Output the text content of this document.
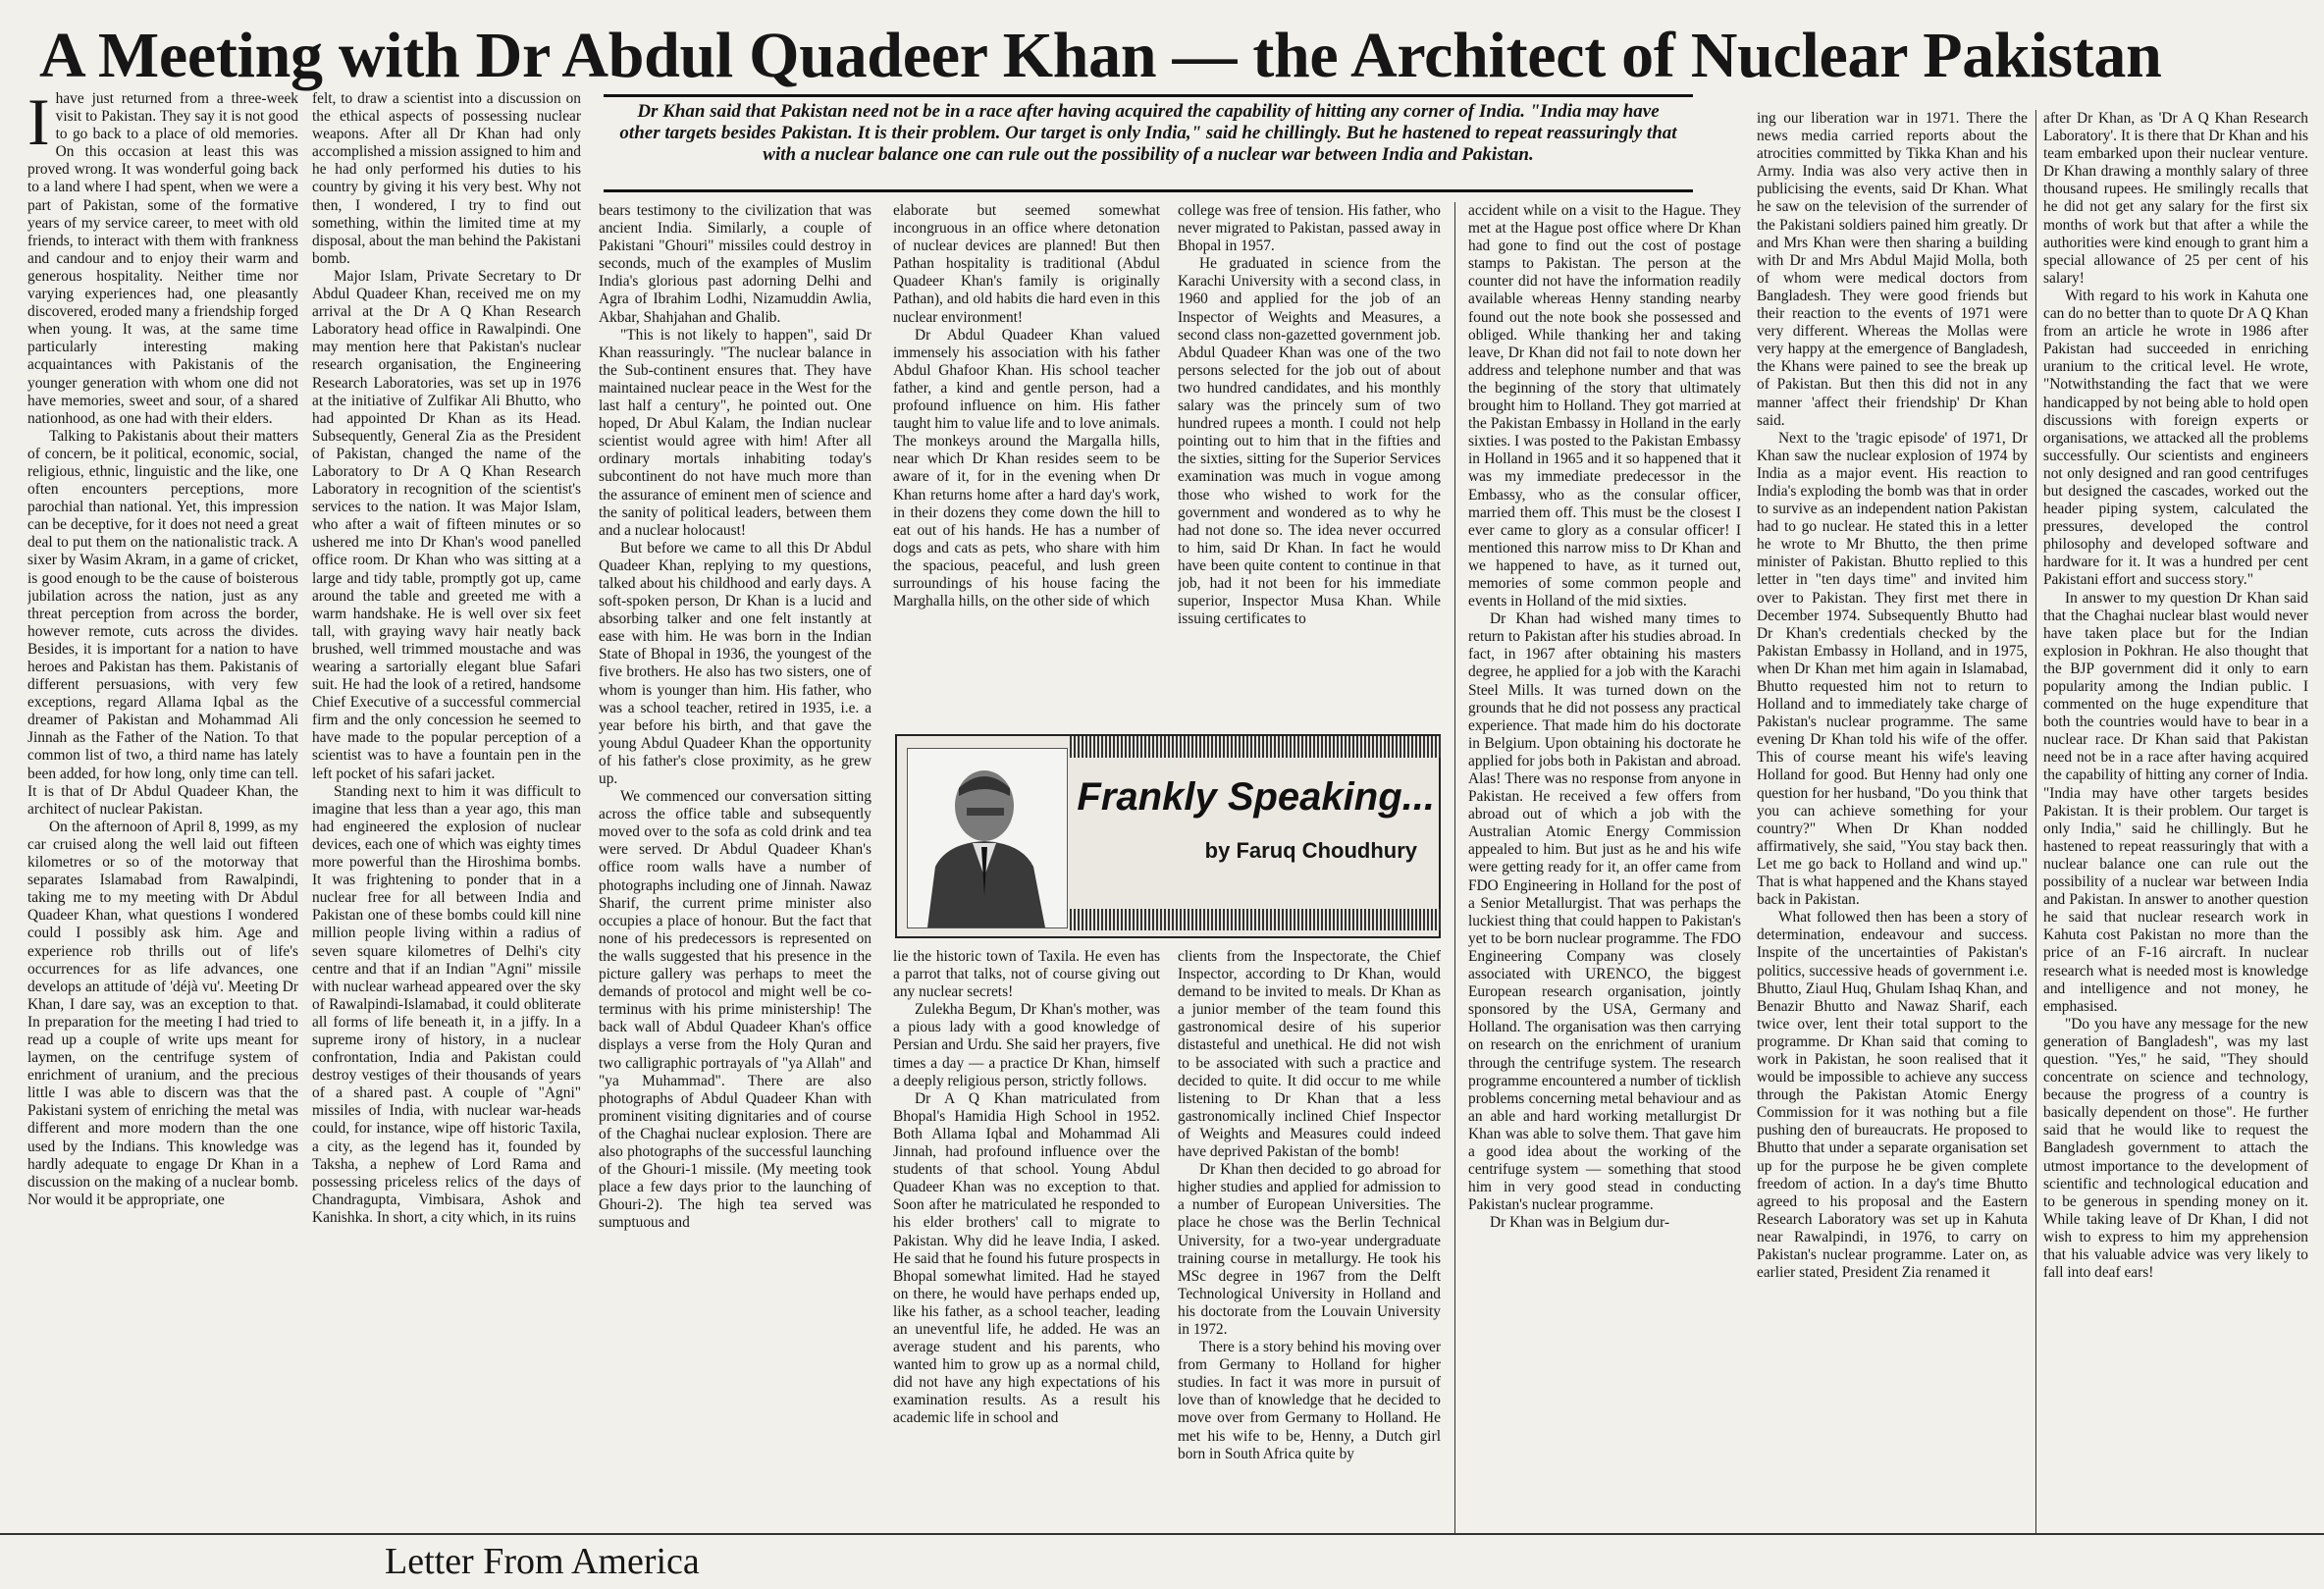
A Meeting with Dr Abdul Quadeer Khan — the Architect of Nuclear Pakistan
Dr Khan said that Pakistan need not be in a race after having acquired the capability of hitting any corner of India. "India may have other targets besides Pakistan. It is their problem. Our target is only India," said he chillingly. But he hastened to repeat reassuringly that with a nuclear balance one can rule out the possibility of a nuclear war between India and Pakistan.

Ihave just returned from a three-week visit to Pakistan. They say it is not good to go back to a place of old memories. On this occasion at least this was proved wrong. It was wonderful going back to a land where I had spent, when we were a part of Pakistan, some of the formative years of my service career, to meet with old friends, to interact with them with frankness and candour and to enjoy their warm and generous hospitality. Neither time nor varying experiences had, one pleasantly discovered, eroded many a friendship forged when young. It was, at the same time particularly interesting making acquaintances with Pakistanis of the younger generation with whom one did not have memories, sweet and sour, of a shared nationhood, as one had with their elders.

Talking to Pakistanis about their matters of concern, be it political, economic, social, religious, ethnic, linguistic and the like, one often encounters perceptions, more parochial than national. Yet, this impression can be deceptive, for it does not need a great deal to put them on the nationalistic track. A sixer by Wasim Akram, in a game of cricket, is good enough to be the cause of boisterous jubilation across the nation, just as any threat perception from across the border, however remote, cuts across the divides. Besides, it is important for a nation to have heroes and Pakistan has them. Pakistanis of different persuasions, with very few exceptions, regard Allama Iqbal as the dreamer of Pakistan and Mohammad Ali Jinnah as the Father of the Nation. To that common list of two, a third name has lately been added, for how long, only time can tell. It is that of Dr Abdul Quadeer Khan, the architect of nuclear Pakistan.

On the afternoon of April 8, 1999, as my car cruised along the well laid out fifteen kilometres or so of the motorway that separates Islamabad from Rawalpindi, taking me to my meeting with Dr Abdul Quadeer Khan, what questions I wondered could I possibly ask him. Age and experience rob thrills out of life's occurrences for as life advances, one develops an attitude of 'déjà vu'. Meeting Dr Khan, I dare say, was an exception to that. In preparation for the meeting I had tried to read up a couple of write ups meant for laymen, on the centrifuge system of enrichment of uranium, and the precious little I was able to discern was that the Pakistani system of enriching the metal was different and more modern than the one used by the Indians. This knowledge was hardly adequate to engage Dr Khan in a discussion on the making of a nuclear bomb. Nor would it be appropriate, one

felt, to draw a scientist into a discussion on the ethical aspects of possessing nuclear weapons. After all Dr Khan had only accomplished a mission assigned to him and he had only performed his duties to his country by giving it his very best. Why not then, I wondered, I try to find out something, within the limited time at my disposal, about the man behind the Pakistani bomb.

Major Islam, Private Secretary to Dr Abdul Quadeer Khan, received me on my arrival at the Dr A Q Khan Research Laboratory head office in Rawalpindi. One may mention here that Pakistan's nuclear research organisation, the Engineering Research Laboratories, was set up in 1976 at the initiative of Zulfikar Ali Bhutto, who had appointed Dr Khan as its Head. Subsequently, General Zia as the President of Pakistan, changed the name of the Laboratory to Dr A Q Khan Research Laboratory in recognition of the scientist's services to the nation. It was Major Islam, who after a wait of fifteen minutes or so ushered me into Dr Khan's wood panelled office room. Dr Khan who was sitting at a large and tidy table, promptly got up, came around the table and greeted me with a warm handshake. He is well over six feet tall, with graying wavy hair neatly back brushed, well trimmed moustache and was wearing a sartorially elegant blue Safari suit. He had the look of a retired, handsome Chief Executive of a successful commercial firm and the only concession he seemed to have made to the popular perception of a scientist was to have a fountain pen in the left pocket of his safari jacket.

Standing next to him it was difficult to imagine that less than a year ago, this man had engineered the explosion of nuclear devices, each one of which was eighty times more powerful than the Hiroshima bombs. It was frightening to ponder that in a nuclear free for all between India and Pakistan one of these bombs could kill nine million people living within a radius of seven square kilometres of Delhi's city centre and that if an Indian "Agni" missile with nuclear warhead appeared over the sky of Rawalpindi-Islamabad, it could obliterate all forms of life beneath it, in a jiffy. In a supreme irony of history, in a nuclear confrontation, India and Pakistan could destroy vestiges of their thousands of years of a shared past. A couple of "Agni" missiles of India, with nuclear war-heads could, for instance, wipe off historic Taxila, a city, as the legend has it, founded by Taksha, a nephew of Lord Rama and possessing priceless relics of the days of Chandragupta, Vimbisara, Ashok and Kanishka. In short, a city which, in its ruins

bears testimony to the civilization that was ancient India. Similarly, a couple of Pakistani "Ghouri" missiles could destroy in seconds, much of the examples of Muslim India's glorious past adorning Delhi and Agra of Ibrahim Lodhi, Nizamuddin Awlia, Akbar, Shahjahan and Ghalib.

"This is not likely to happen", said Dr Khan reassuringly. "The nuclear balance in the Sub-continent ensures that. They have maintained nuclear peace in the West for the last half a century", he pointed out. One hoped, Dr Abul Kalam, the Indian nuclear scientist would agree with him! After all ordinary mortals inhabiting today's subcontinent do not have much more than the assurance of eminent men of science and the sanity of political leaders, between them and a nuclear holocaust!

But before we came to all this Dr Abdul Quadeer Khan, replying to my questions, talked about his childhood and early days. A soft-spoken person, Dr Khan is a lucid and absorbing talker and one felt instantly at ease with him. He was born in the Indian State of Bhopal in 1936, the youngest of the five brothers. He also has two sisters, one of whom is younger than him. His father, who was a school teacher, retired in 1935, i.e. a year before his birth, and that gave the young Abdul Quadeer Khan the opportunity of his father's close proximity, as he grew up.

We commenced our conversation sitting across the office table and subsequently moved over to the sofa as cold drink and tea were served. Dr Abdul Quadeer Khan's office room walls have a number of photographs including one of Jinnah. Nawaz Sharif, the current prime minister also occupies a place of honour. But the fact that none of his predecessors is represented on the walls suggested that his presence in the picture gallery was perhaps to meet the demands of protocol and might well be co-terminus with his prime ministership! The back wall of Abdul Quadeer Khan's office displays a verse from the Holy Quran and two calligraphic portrayals of "ya Allah" and "ya Muhammad". There are also photographs of Abdul Quadeer Khan with prominent visiting dignitaries and of course of the Chaghai nuclear explosion. There are also photographs of the successful launching of the Ghouri-1 missile. (My meeting took place a few days prior to the launching of Ghouri-2). The high tea served was sumptuous and

elaborate but seemed somewhat incongruous in an office where detonation of nuclear devices are planned! But then Pathan hospitality is traditional (Abdul Quadeer Khan's family is originally Pathan), and old habits die hard even in this nuclear environment!

Dr Abdul Quadeer Khan valued immensely his association with his father Abdul Ghafoor Khan. His school teacher father, a kind and gentle person, had a profound influence on him. His father taught him to value life and to love animals. The monkeys around the Margalla hills, near which Dr Khan resides seem to be aware of it, for in the evening when Dr Khan returns home after a hard day's work, in their dozens they come down the hill to eat out of his hands. He has a number of dogs and cats as pets, who share with him the spacious, peaceful, and lush green surroundings of his house facing the Marghalla hills, on the other side of which

college was free of tension. His father, who never migrated to Pakistan, passed away in Bhopal in 1957.

He graduated in science from the Karachi University with a second class, in 1960 and applied for the job of an Inspector of Weights and Measures, a second class non-gazetted government job. Abdul Quadeer Khan was one of the two persons selected for the job out of about two hundred candidates, and his monthly salary was the princely sum of two hundred rupees a month. I could not help pointing out to him that in the fifties and the sixties, sitting for the Superior Services examination was much in vogue among those who wished to work for the government and wondered as to why he had not done so. The idea never occurred to him, said Dr Khan. In fact he would have been quite content to continue in that job, had it not been for his immediate superior, Inspector Musa Khan. While issuing certificates to

Frankly Speaking...
by Faruq Choudhury

lie the historic town of Taxila. He even has a parrot that talks, not of course giving out any nuclear secrets!

Zulekha Begum, Dr Khan's mother, was a pious lady with a good knowledge of Persian and Urdu. She said her prayers, five times a day — a practice Dr Khan, himself a deeply religious person, strictly follows.

Dr A Q Khan matriculated from Bhopal's Hamidia High School in 1952. Both Allama Iqbal and Mohammad Ali Jinnah, had profound influence over the students of that school. Young Abdul Quadeer Khan was no exception to that. Soon after he matriculated he responded to his elder brothers' call to migrate to Pakistan. Why did he leave India, I asked. He said that he found his future prospects in Bhopal somewhat limited. Had he stayed on there, he would have perhaps ended up, like his father, as a school teacher, leading an uneventful life, he added. He was an average student and his parents, who wanted him to grow up as a normal child, did not have any high expectations of his examination results. As a result his academic life in school and

clients from the Inspectorate, the Chief Inspector, according to Dr Khan, would demand to be invited to meals. Dr Khan as a junior member of the team found this gastronomical desire of his superior distasteful and unethical. He did not wish to be associated with such a practice and decided to quite. It did occur to me while listening to Dr Khan that a less gastronomically inclined Chief Inspector of Weights and Measures could indeed have deprived Pakistan of the bomb!

Dr Khan then decided to go abroad for higher studies and applied for admission to a number of European Universities. The place he chose was the Berlin Technical University, for a two-year undergraduate training course in metallurgy. He took his MSc degree in 1967 from the Delft Technological University in Holland and his doctorate from the Louvain University in 1972.

There is a story behind his moving over from Germany to Holland for higher studies. In fact it was more in pursuit of love than of knowledge that he decided to move over from Germany to Holland. He met his wife to be, Henny, a Dutch girl born in South Africa quite by

accident while on a visit to the Hague. They met at the Hague post office where Dr Khan had gone to find out the cost of postage stamps to Pakistan. The person at the counter did not have the information readily available whereas Henny standing nearby found out the note book she possessed and obliged. While thanking her and taking leave, Dr Khan did not fail to note down her address and telephone number and that was the beginning of the story that ultimately brought him to Holland. They got married at the Pakistan Embassy in Holland in the early sixties. I was posted to the Pakistan Embassy in Holland in 1965 and it so happened that it was my immediate predecessor in the Embassy, who as the consular officer, married them off. This must be the closest I ever came to glory as a consular officer! I mentioned this narrow miss to Dr Khan and we happened to have, as it turned out, memories of some common people and events in Holland of the mid sixties.

Dr Khan had wished many times to return to Pakistan after his studies abroad. In fact, in 1967 after obtaining his masters degree, he applied for a job with the Karachi Steel Mills. It was turned down on the grounds that he did not possess any practical experience. That made him do his doctorate in Belgium. Upon obtaining his doctorate he applied for jobs both in Pakistan and abroad. Alas! There was no response from anyone in Pakistan. He received a few offers from abroad out of which a job with the Australian Atomic Energy Commission appealed to him. But just as he and his wife were getting ready for it, an offer came from FDO Engineering in Holland for the post of a Senior Metallurgist. That was perhaps the luckiest thing that could happen to Pakistan's yet to be born nuclear programme. The FDO Engineering Company was closely associated with URENCO, the biggest European research organisation, jointly sponsored by the USA, Germany and Holland. The organisation was then carrying on research on the enrichment of uranium through the centrifuge system. The research programme encountered a number of ticklish problems concerning metal behaviour and as an able and hard working metallurgist Dr Khan was able to solve them. That gave him a good idea about the working of the centrifuge system — something that stood him in very good stead in conducting Pakistan's nuclear programme.

Dr Khan was in Belgium dur-

ing our liberation war in 1971. There the news media carried reports about the atrocities committed by Tikka Khan and his Army. India was also very active then in publicising the events, said Dr Khan. What he saw on the television of the surrender of the Pakistani soldiers pained him greatly. Dr and Mrs Khan were then sharing a building with Dr and Mrs Abdul Majid Molla, both of whom were medical doctors from Bangladesh. They were good friends but their reaction to the events of 1971 were very different. Whereas the Mollas were very happy at the emergence of Bangladesh, the Khans were pained to see the break up of Pakistan. But then this did not in any manner 'affect their friendship' Dr Khan said.

Next to the 'tragic episode' of 1971, Dr Khan saw the nuclear explosion of 1974 by India as a major event. His reaction to India's exploding the bomb was that in order to survive as an independent nation Pakistan had to go nuclear. He stated this in a letter he wrote to Mr Bhutto, the then prime minister of Pakistan. Bhutto replied to this letter in "ten days time" and invited him over to Pakistan. They first met there in December 1974. Subsequently Bhutto had Dr Khan's credentials checked by the Pakistan Embassy in Holland, and in 1975, when Dr Khan met him again in Islamabad, Bhutto requested him not to return to Holland and to immediately take charge of Pakistan's nuclear programme. The same evening Dr Khan told his wife of the offer. This of course meant his wife's leaving Holland for good. But Henny had only one question for her husband, "Do you think that you can achieve something for your country?" When Dr Khan nodded affirmatively, she said, "You stay back then. Let me go back to Holland and wind up." That is what happened and the Khans stayed back in Pakistan.

What followed then has been a story of determination, endeavour and success. Inspite of the uncertainties of Pakistan's politics, successive heads of government i.e. Bhutto, Ziaul Huq, Ghulam Ishaq Khan, and Benazir Bhutto and Nawaz Sharif, each twice over, lent their total support to the programme. Dr Khan said that coming to work in Pakistan, he soon realised that it would be impossible to achieve any success through the Pakistan Atomic Energy Commission for it was nothing but a file pushing den of bureaucrats. He proposed to Bhutto that under a separate organisation set up for the purpose he be given complete freedom of action. In a day's time Bhutto agreed to his proposal and the Eastern Research Laboratory was set up in Kahuta near Rawalpindi, in 1976, to carry on Pakistan's nuclear programme. Later on, as earlier stated, President Zia renamed it

after Dr Khan, as 'Dr A Q Khan Research Laboratory'. It is there that Dr Khan and his team embarked upon their nuclear venture. Dr Khan drawing a monthly salary of three thousand rupees. He smilingly recalls that he did not get any salary for the first six months of work but that after a while the authorities were kind enough to grant him a special allowance of 25 per cent of his salary!

With regard to his work in Kahuta one can do no better than to quote Dr A Q Khan from an article he wrote in 1986 after Pakistan had succeeded in enriching uranium to the critical level. He wrote, "Notwithstanding the fact that we were handicapped by not being able to hold open discussions with foreign experts or organisations, we attacked all the problems successfully. Our scientists and engineers not only designed and ran good centrifuges but designed the cascades, worked out the header piping system, calculated the pressures, developed the control philosophy and developed software and hardware for it. It was a hundred per cent Pakistani effort and success story."

In answer to my question Dr Khan said that the Chaghai nuclear blast would never have taken place but for the Indian explosion in Pokhran. He also thought that the BJP government did it only to earn popularity among the Indian public. I commented on the huge expenditure that both the countries would have to bear in a nuclear race. Dr Khan said that Pakistan need not be in a race after having acquired the capability of hitting any corner of India. "India may have other targets besides Pakistan. It is their problem. Our target is only India," said he chillingly. But he hastened to repeat reassuringly that with a nuclear balance one can rule out the possibility of a nuclear war between India and Pakistan. In answer to another question he said that nuclear research work in Kahuta cost Pakistan no more than the price of an F-16 aircraft. In nuclear research what is needed most is knowledge and intelligence and not money, he emphasised.

"Do you have any message for the new generation of Bangladesh", was my last question. "Yes," he said, "They should concentrate on science and technology, because the progress of a country is basically dependent on those". He further said that he would like to request the Bangladesh government to attach the utmost importance to the development of scientific and technological education and to be generous in spending money on it. While taking leave of Dr Khan, I did not wish to express to him my apprehension that his valuable advice was very likely to fall into deaf ears!

Letter From America
